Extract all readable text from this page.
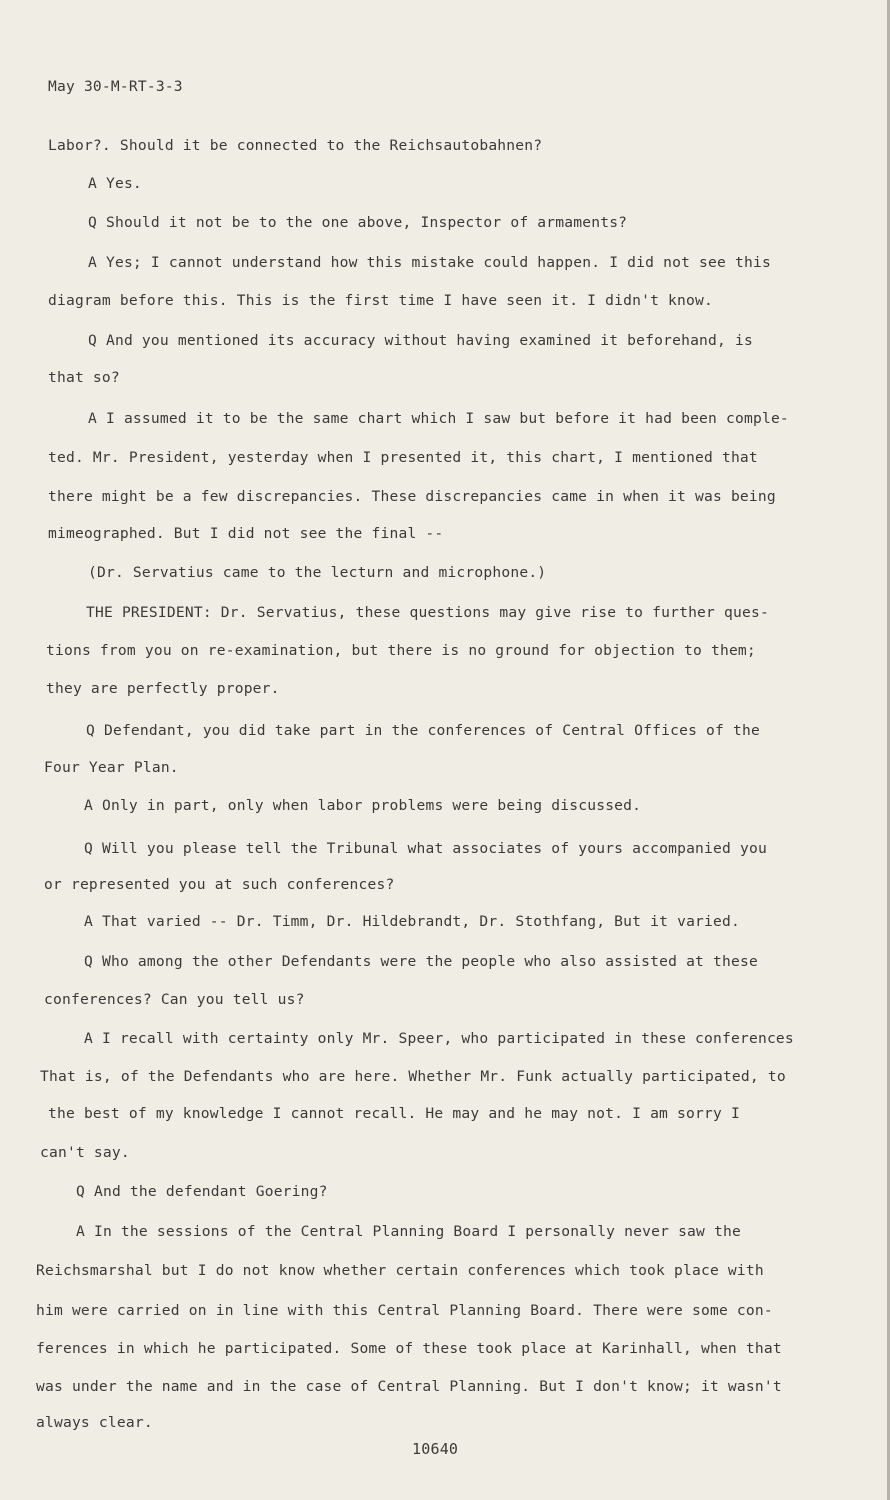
May 30-M-RT-3-3
Labor?. Should it be connected to the Reichsautobahnen?
A Yes.
Q Should it not be to the one above, Inspector of armaments?
A Yes; I cannot understand how this mistake could happen. I did not see this
diagram before this. This is the first time I have seen it. I didn't know.
Q And you mentioned its accuracy without having examined it beforehand, is
that so?
A I assumed it to be the same chart which I saw but before it had been comple-
ted. Mr. President, yesterday when I presented it, this chart, I mentioned that
there might be a few discrepancies. These discrepancies came in when it was being
mimeographed. But I did not see the final --
(Dr. Servatius came to the lecturn and microphone.)
THE PRESIDENT: Dr. Servatius, these questions may give rise to further ques-
tions from you on re-examination, but there is no ground for objection to them;
they are perfectly proper.
Q Defendant, you did take part in the conferences of Central Offices of the
Four Year Plan.
A Only in part, only when labor problems were being discussed.
Q Will you please tell the Tribunal what associates of yours accompanied you
or represented you at such conferences?
A That varied -- Dr. Timm, Dr. Hildebrandt, Dr. Stothfang, But it varied.
Q Who among the other Defendants were the people who also assisted at these
conferences? Can you tell us?
A I recall with certainty only Mr. Speer, who participated in these conferences
That is, of the Defendants who are here. Whether Mr. Funk actually participated, to
the best of my knowledge I cannot recall. He may and he may not. I am sorry I
can't say.
Q And the defendant Goering?
A In the sessions of the Central Planning Board I personally never saw the
Reichsmarshal but I do not know whether certain conferences which took place with
him were carried on in line with this Central Planning Board. There were some con-
ferences in which he participated. Some of these took place at Karinhall, when that
was under the name and in the case of Central Planning. But I don't know; it wasn't
always clear.
10640
